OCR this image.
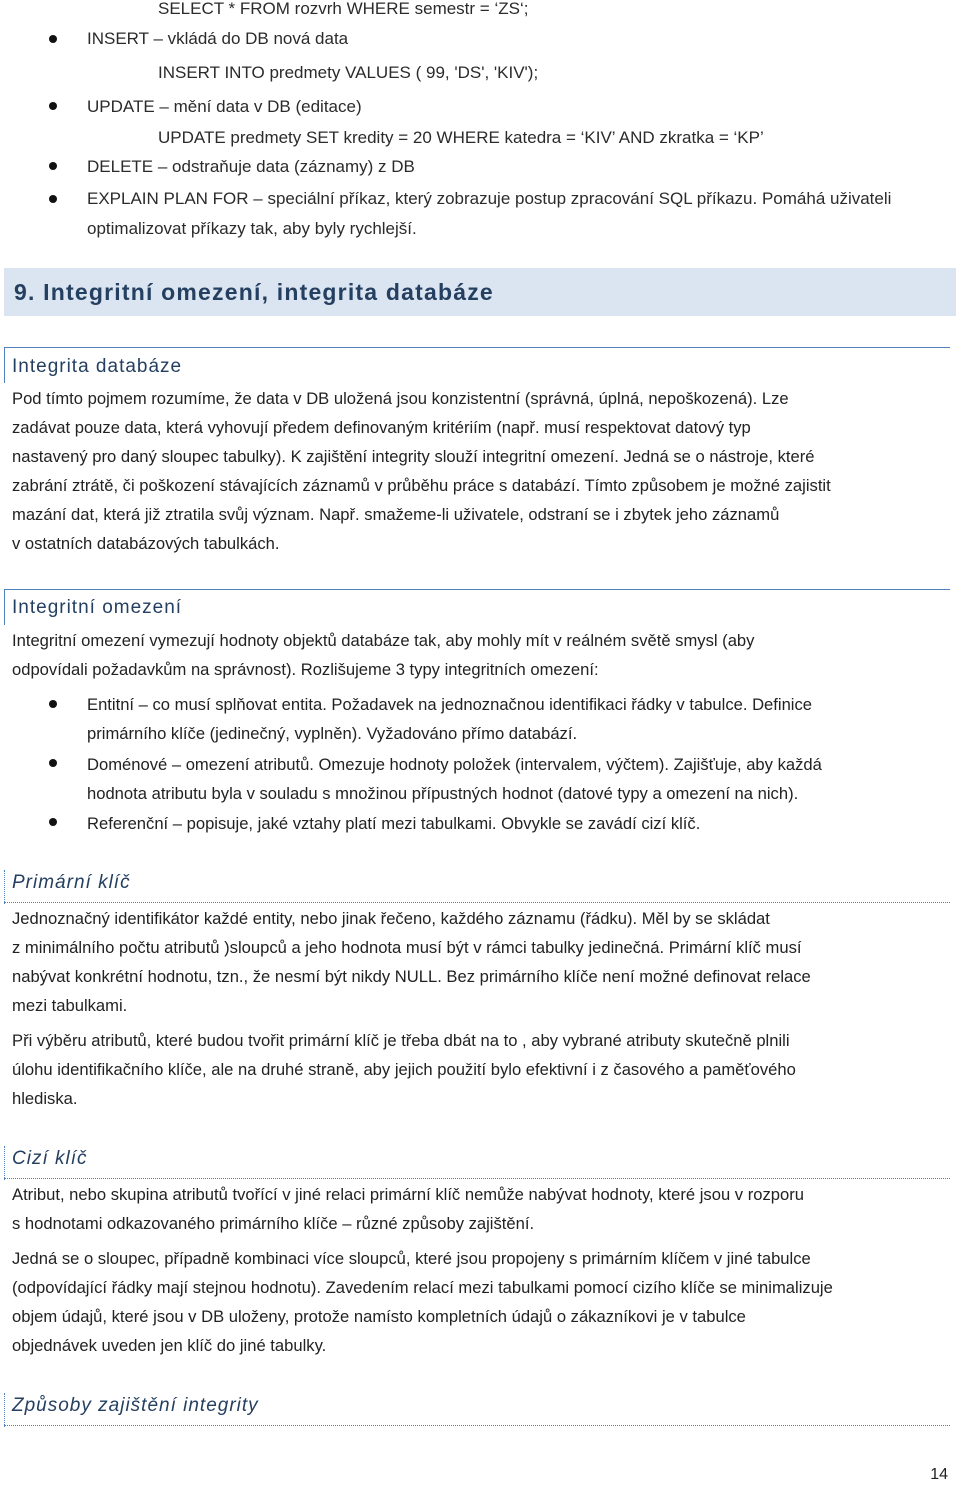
SELECT * FROM rozvrh WHERE semestr = ‘ZS‘;
INSERT – vkládá do DB nová data
INSERT INTO predmety VALUES ( 99, 'DS', 'KIV');
UPDATE – mění data v DB (editace)
UPDATE predmety SET kredity = 20 WHERE katedra = ‘KIV’ AND zkratka = ‘KP’
DELETE – odstraňuje data (záznamy) z DB
EXPLAIN PLAN FOR – speciální příkaz, který zobrazuje postup zpracování SQL příkazu. Pomáhá uživateli
optimalizovat příkazy tak, aby byly rychlejší.
9. Integritní omezení, integrita databáze
Integrita databáze
Pod tímto pojmem rozumíme, že data v DB uložená jsou konzistentní (správná, úplná, nepoškozená). Lze
zadávat pouze data, která vyhovují předem definovaným kritériím (např. musí respektovat datový typ
nastavený pro daný sloupec tabulky). K zajištění integrity slouží integritní omezení. Jedná se o nástroje, které
zabrání ztrátě, či poškození stávajících záznamů v průběhu práce s databází. Tímto způsobem je možné zajistit
mazání dat, která již ztratila svůj význam. Např. smažeme-li uživatele, odstraní se i zbytek jeho záznamů
v ostatních databázových tabulkách.
Integritní omezení
Integritní omezení vymezují hodnoty objektů databáze tak, aby mohly mít v reálném světě smysl (aby
odpovídali požadavkům na správnost). Rozlišujeme 3 typy integritních omezení:
Entitní – co musí splňovat entita. Požadavek na jednoznačnou identifikaci řádky v tabulce. Definice
primárního klíče (jedinečný, vyplněn). Vyžadováno přímo databází.
Doménové – omezení atributů. Omezuje hodnoty položek (intervalem, výčtem). Zajišťuje, aby každá
hodnota atributu byla v souladu s množinou přípustných hodnot (datové typy a omezení na nich).
Referenční – popisuje, jaké vztahy platí mezi tabulkami. Obvykle se zavádí cizí klíč.
Primární klíč
Jednoznačný identifikátor každé entity, nebo jinak řečeno, každého záznamu (řádku). Měl by se skládat
z minimálního počtu atributů )sloupců a jeho hodnota musí být v rámci tabulky jedinečná. Primární klíč musí
nabývat konkrétní hodnotu, tzn., že nesmí být nikdy NULL. Bez primárního klíče není možné definovat relace
mezi tabulkami.
Při výběru atributů, které budou tvořit primární klíč je třeba dbát na to , aby vybrané atributy skutečně plnili
úlohu identifikačního klíče, ale na druhé straně, aby jejich použití bylo efektivní i z časového a paměťového
hlediska.
Cizí klíč
Atribut, nebo skupina atributů tvořící v jiné relaci primární klíč nemůže nabývat hodnoty, které jsou v rozporu
s hodnotami odkazovaného primárního klíče – různé způsoby zajištění.
Jedná se o sloupec, případně kombinaci více sloupců, které jsou propojeny s primárním klíčem v jiné tabulce
(odpovídající řádky mají stejnou hodnotu). Zavedením relací mezi tabulkami pomocí cizího klíče se minimalizuje
objem údajů, které jsou v DB uloženy, protože namísto kompletních údajů o zákazníkovi je v tabulce
objednávek uveden jen klíč do jiné tabulky.
Způsoby zajištění integrity
14
